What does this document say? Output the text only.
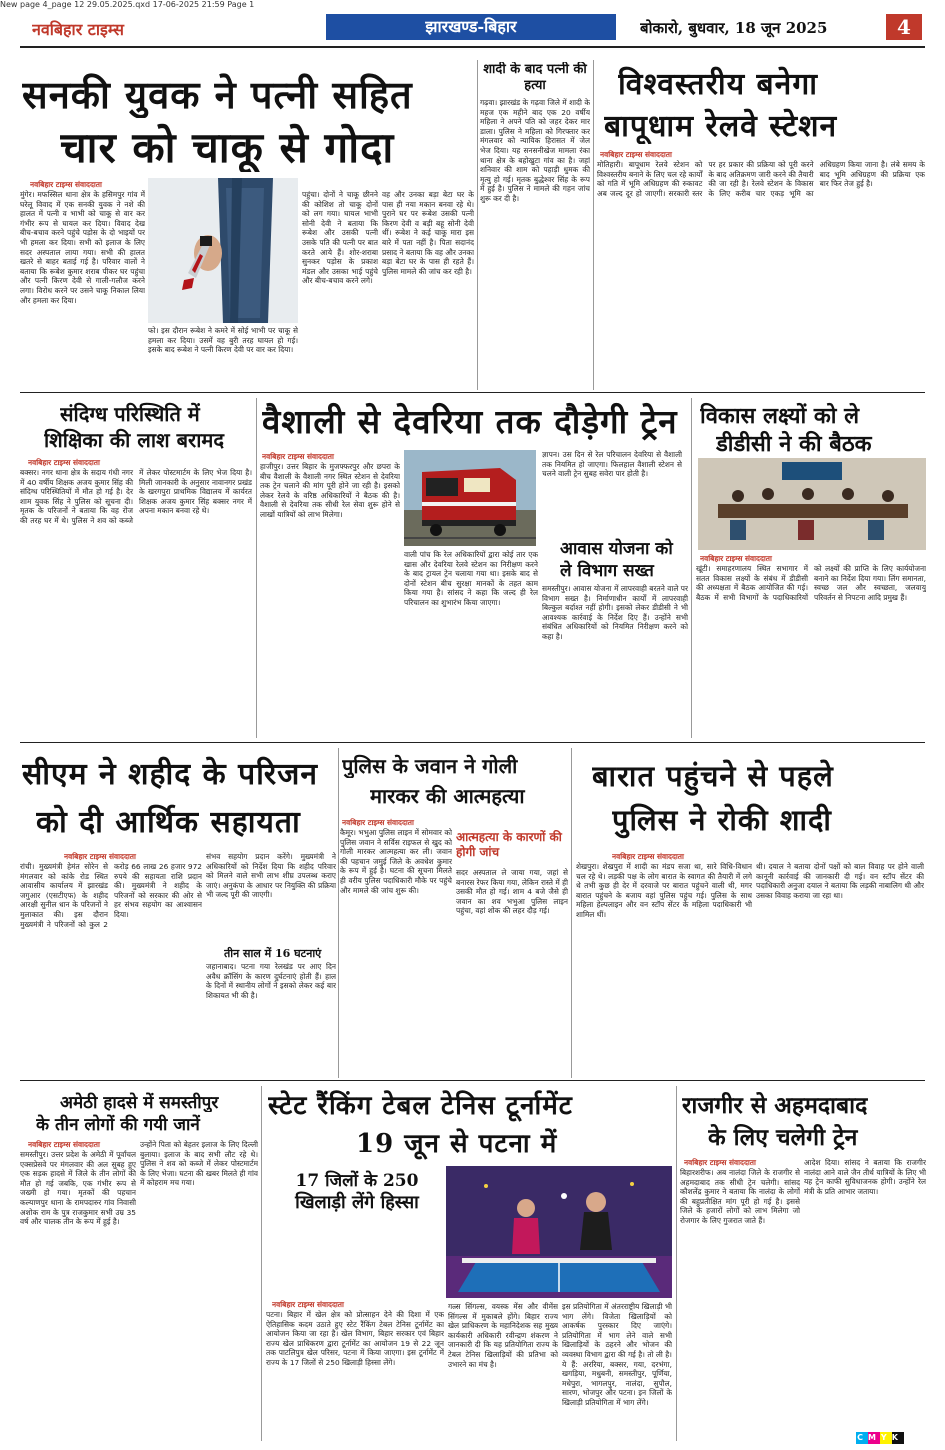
New page 4_page 12 29.05.2025.qxd 17-06-2025 21:59 Page 1
नवबिहार टाइम्स	झारखण्ड-बिहार	बोकारो, बुधवार, 18 जून 2025	4
सनकी युवक ने पत्नी सहित
चार को चाकू से गोदा
नवबिहार टाइम्स संवाददाता
मुंगेर। मफस्सिल थाना क्षेत्र के हसिमपुर गांव में घरेलू विवाद में एक सनकी युवक ने नशे की हालत में पत्नी व भाभी को चाकू से वार कर गंभीर रूप से घायल कर दिया। विवाद देख बीच-बचाव करने पहुंचे पड़ोस के दो भाइयों पर भी हमला कर दिया। सभी को इलाज के लिए सदर अस्पताल लाया गया। सभी की हालत खतरे से बाहर बताई गई है। परिवार वालों ने बताया कि रूबेश कुमार शराब पीकर घर पहुंचा और पत्नी किरण देवी से गाली-गलौज करने लगा। विरोध करने पर उसने चाकू निकाल लिया और हमला कर दिया।
फो। इस दौरान रूबेश ने कमरे में सोई भाभी पर चाकू से हमला कर दिया। उसमें वह बुरी तरह घायल हो गई। इसके बाद रूबेश ने पत्नी किरण देवी पर वार कर दिया।
पहुंचा। दोनों ने चाकू छीनने की कोशिश तो चाकू दोनों को लग गया। घायल भाभी सोनी देवी ने बताया कि रूबेश और उसकी पत्नी उसके पति की पत्नी पर बात करते आये हैं। शोर-शराबा सुनकर पड़ोस के प्रकाश मंडल और उसका भाई पहुंचे और बीच-बचाव करने लगे।
वह और उनका बड़ा बेटा घर के पास ही नया मकान बनवा रहे थे। पुराने घर पर रूबेश उसकी पत्नी किरण देवी व बड़ी बहू सोनी देवी थीं। रूबेश ने कई चाकू मारा इस बारे में पता नहीं है। पिता सदानंद प्रसाद ने बताया कि वह और उनका बड़ा बेटा घर के पास ही रहते हैं। पुलिस मामले की जांच कर रही है।
शादी के बाद पत्नी की हत्या
गढ़वा। झारखंड के गढ़वा जिले में शादी के महज एक महीने बाद एक 20 वर्षीय महिला ने अपने पति को जहर देकर मार डाला। पुलिस ने महिला को गिरफ्तार कर मंगलवार को न्यायिक हिरासत में जेल भेज दिया। यह सनसनीखेज मामला रंका थाना क्षेत्र के बहोखुटा गांव का है। जहां शनिवार की शाम को पहाड़ी धुमक की मृत्यु हो गई। मृतक बुद्धेश्वर सिंह के रूप में हुई है। पुलिस ने मामले की गहन जांच शुरू कर दी है।
विश्वस्तरीय बनेगा
बापूधाम रेलवे स्टेशन
नवबिहार टाइम्स संवाददाता
मोतिहारी। बापूधाम रेलवे स्टेशन को विश्वस्तरीय बनाने के लिए चल रहे कार्यों को गति में भूमि अधिग्रहण की रुकावट अब जल्द दूर हो जाएगी। सरकारी स्तर पर हर प्रकार की प्रक्रिया को पूरी करने के बाद अतिक्रमण जारी करने की तैयारी की जा रही है। रेलवे स्टेशन के विकास के लिए करीब चार एकड़ भूमि का अधिग्रहण किया जाना है। लंबे समय के बाद भूमि अधिग्रहण की प्रक्रिया एक बार फिर तेज हुई है।
संदिग्ध परिस्थिति में
शिक्षिका की लाश बरामद
नवबिहार टाइम्स संवाददाता
बक्सर। नगर थाना क्षेत्र के सदाय गंधी नगर में 40 वर्षीय शिक्षक अजय कुमार सिंह की संदिग्ध परिस्थितियों में मौत हो गई है। देर शाम युवक सिंह ने पुलिस को सूचना दी। मृतक के परिजनों ने बताया कि वह रोज की तरह घर में थे। पुलिस ने शव को कब्जे में लेकर पोस्टमार्टम के लिए भेज दिया है। मिली जानकारी के अनुसार नावानगर प्रखंड के खरगपुरा प्राथमिक विद्यालय में कार्यरत शिक्षक अजय कुमार सिंह बक्सर नगर में अपना मकान बनवा रहे थे।
वैशाली से देवरिया तक दौड़ेगी ट्रेन
नवबिहार टाइम्स संवाददाता
हाजीपुर। उत्तर बिहार के मुजफ्फरपुर और छपरा के बीच वैशाली के वैशाली नगर स्थित स्टेशन से देवरिया तक ट्रेन चलाने की मांग पूरी होने जा रही है। इसको लेकर रेलवे के वरिष्ठ अधिकारियों ने बैठक की है। वैशाली से देवरिया तक सीधी रेल सेवा शुरू होने से लाखों यात्रियों को लाभ मिलेगा।
वाली पांच कि रेल अधिकारियों द्वारा कोई तार एक खास और देवरिया रेलवे स्टेशन का निरीक्षण करने के बाद ट्रायल ट्रेन चलाया गया था। इसके बाद से दोनों स्टेशन बीच सुरक्षा मानकों के तहत काम किया गया है। सांसद ने कहा कि जल्द ही रेल परिचालन का शुभारंभ किया जाएगा।
ज्ञापन। उस दिन से रेल परिचालन देवरिया से वैशाली तक नियमित हो जाएगा। फिलहाल वैशाली स्टेशन से चलने वाली ट्रेन सुबह सवेरा पार होती है।
आवास योजना को
ले विभाग सख्त
समस्तीपुर। आवास योजना में लापरवाही बरतने वाले पर विभाग सख्त है। निर्माणाधीन कार्यों में लापरवाही बिल्कुल बर्दाश्त नहीं होगी। इसको लेकर डीडीसी ने भी आवश्यक कार्रवाई के निर्देश दिए हैं। उन्होंने सभी संबंधित अधिकारियों को नियमित निरीक्षण करने को कहा है।
विकास लक्ष्यों को ले
डीडीसी ने की बैठक
नवबिहार टाइम्स संवाददाता
खूंटी। समाहरणालय स्थित सभागार में सतत विकास लक्ष्यों के संबंध में डीडीसी की अध्यक्षता में बैठक आयोजित की गई। बैठक में सभी विभागों के पदाधिकारियों को लक्ष्यों की प्राप्ति के लिए कार्ययोजना बनाने का निर्देश दिया गया। लिंग समानता, स्वच्छ जल और स्वच्छता, जलवायु परिवर्तन से निपटना आदि प्रमुख हैं।
सीएम ने शहीद के परिजन
को दी आर्थिक सहायता
नवबिहार टाइम्स संवाददाता
रांची। मुख्यमंत्री हेमंत सोरेन से मंगलवार को कांके रोड स्थित आवासीय कार्यालय में झारखंड जगुआर (एसटीएफ) के शहीद आरक्षी सुनील धान के परिजनों ने मुलाकात की। इस दौरान मुख्यमंत्री ने परिजनों को कुल 2 करोड़ 66 लाख 26 हजार 972 रुपये की सहायता राशि प्रदान की। मुख्यमंत्री ने शहीद के परिजनों को सरकार की ओर से हर संभव सहयोग का आश्वासन दिया।
संभव सहयोग प्रदान करेंगे। मुख्यमंत्री ने अधिकारियों को निर्देश दिया कि शहीद परिवार को मिलने वाले सभी लाभ शीघ्र उपलब्ध कराए जाएं। अनुकंपा के आधार पर नियुक्ति की प्रक्रिया भी जल्द पूरी की जाएगी।
तीन साल में 16 घटनाएं
जहानाबाद। पटना गया रेलखंड पर आए दिन अवैध क्रॉसिंग के कारण दुर्घटनाएं होती हैं। हाल के दिनों में स्थानीय लोगों ने इसको लेकर कई बार शिकायत भी की है।
पुलिस के जवान ने गोली
मारकर की आत्महत्या
नवबिहार टाइम्स संवाददाता
कैमूर। भभुआ पुलिस लाइन में सोमवार को पुलिस जवान ने सर्विस राइफल से खुद को गोली मारकर आत्महत्या कर ली। जवान की पहचान जमुई जिले के अवधेश कुमार के रूप में हुई है। घटना की सूचना मिलते ही वरीय पुलिस पदाधिकारी मौके पर पहुंचे और मामले की जांच शुरू की।
आत्महत्या के कारणों की होगी जांच
सदर अस्पताल ले जाया गया, जहां से बनारस रेफर किया गया, लेकिन रास्ते में ही उसकी मौत हो गई। शाम 4 बजे जैसे ही जवान का शव भभुआ पुलिस लाइन पहुंचा, वहां शोक की लहर दौड़ गई।
बारात पहुंचने से पहले
पुलिस ने रोकी शादी
नवबिहार टाइम्स संवाददाता
शेखपुरा। शेखपुरा में शादी का मंडप सजा था, सारे विधि-विधान चल रहे थे। लड़की पक्ष के लोग बारात के स्वागत की तैयारी में लगे थे तभी कुछ ही देर में दरवाजे पर बारात पहुंचने वाली थी, मगर बारात पहुंचने के बजाय वहां पुलिस पहुंच गई। पुलिस के साथ महिला हेल्पलाइन और वन स्टॉप सेंटर के महिला पदाधिकारी भी शामिल थीं।
थी। दयाल ने बताया दोनों पक्षों को बाल विवाह पर होने वाली कानूनी कार्रवाई की जानकारी दी गई। वन स्टॉप सेंटर की पदाधिकारी अनुजा दयाल ने बताया कि लड़की नाबालिग थी और उसका विवाह कराया जा रहा था।
अमेठी हादसे में समस्तीपुर
के तीन लोगों की गयी जानें
नवबिहार टाइम्स संवाददाता
समस्तीपुर। उत्तर प्रदेश के अमेठी में पूर्वांचल एक्सप्रेसवे पर मंगलवार की अल सुबह हुए एक सड़क हादसे में जिले के तीन लोगों की मौत हो गई जबकि, एक गंभीर रूप से जख्मी हो गया। मृतकों की पहचान कल्याणपुर थाना के रामपदारुर गांव निवासी अशोक राम के पुत्र राजकुमार सभी उम्र 35 वर्ष और चालक तीन के रूप में हुई है।
उन्होंने पिता को बेहतर इलाज के लिए दिल्ली बुलाया। इलाज के बाद सभी लौट रहे थे। पुलिस ने शव को कब्जे में लेकर पोस्टमार्टम के लिए भेजा। घटना की खबर मिलते ही गांव में कोहराम मच गया।
स्टेट रैंकिंग टेबल टेनिस टूर्नामेंट
19 जून से पटना में
17 जिलों के 250
खिलाड़ी लेंगे हिस्सा
नवबिहार टाइम्स संवाददाता
पटना। बिहार में खेल क्षेत्र को प्रोत्साहन देने की दिशा में एक ऐतिहासिक कदम उठाते हुए स्टेट रैंकिंग टेबल टेनिस टूर्नामेंट का आयोजन किया जा रहा है। खेल विभाग, बिहार सरकार एवं बिहार राज्य खेल प्राधिकरण द्वारा टूर्नामेंट का आयोजन 19 से 22 जून तक पाटलिपुत्र खेल परिसर, पटना में किया जाएगा। इस टूर्नामेंट में राज्य के 17 जिलों से 250 खिलाड़ी हिस्सा लेंगे।
गल्र्स सिंगल्स, वयस्क मेंस और वीमेंस सिंगल्स में मुकाबले होंगे। बिहार राज्य खेल प्राधिकरण के महानिदेशक सह मुख्य कार्यकारी अधिकारी रवीन्द्रण शंकरण ने जानकारी दी कि यह प्रतियोगिता राज्य के टेबल टेनिस खिलाड़ियों की प्रतिभा को उभारने का मंच है।
इस प्रतियोगिता में अंतरराष्ट्रीय खिलाड़ी भी भाग लेंगे। विजेता खिलाड़ियों को आकर्षक पुरस्कार दिए जाएंगे। प्रतियोगिता में भाग लेने वाले सभी खिलाड़ियों के ठहरने और भोजन की व्यवस्था विभाग द्वारा की गई है। तो ली है। ये हैं: अररिया, बक्सर, गया, दरभंगा, खगड़िया, मधुबनी, समस्तीपुर, पूर्णिया, मधेपुरा, भागलपुर, नालंदा, सुपौल, सारण, भोजपुर और पटना। इन जिलों के खिलाड़ी प्रतियोगिता में भाग लेंगे।
राजगीर से अहमदाबाद
के लिए चलेगी ट्रेन
नवबिहार टाइम्स संवाददाता
बिहारशरीफ। अब नालंदा जिले के राजगीर से अहमदाबाद तक सीधी ट्रेन चलेगी। सांसद कौशलेंद्र कुमार ने बताया कि नालंदा के लोगों की बहुप्रतीक्षित मांग पूरी हो गई है। इससे जिले के हजारों लोगों को लाभ मिलेगा जो रोजगार के लिए गुजरात जाते हैं।
आदेश दिया। सांसद ने बताया कि राजगीर नालंदा आने वाले जैन तीर्थ यात्रियों के लिए भी यह ट्रेन काफी सुविधाजनक होगी। उन्होंने रेल मंत्री के प्रति आभार जताया।
CMYK
